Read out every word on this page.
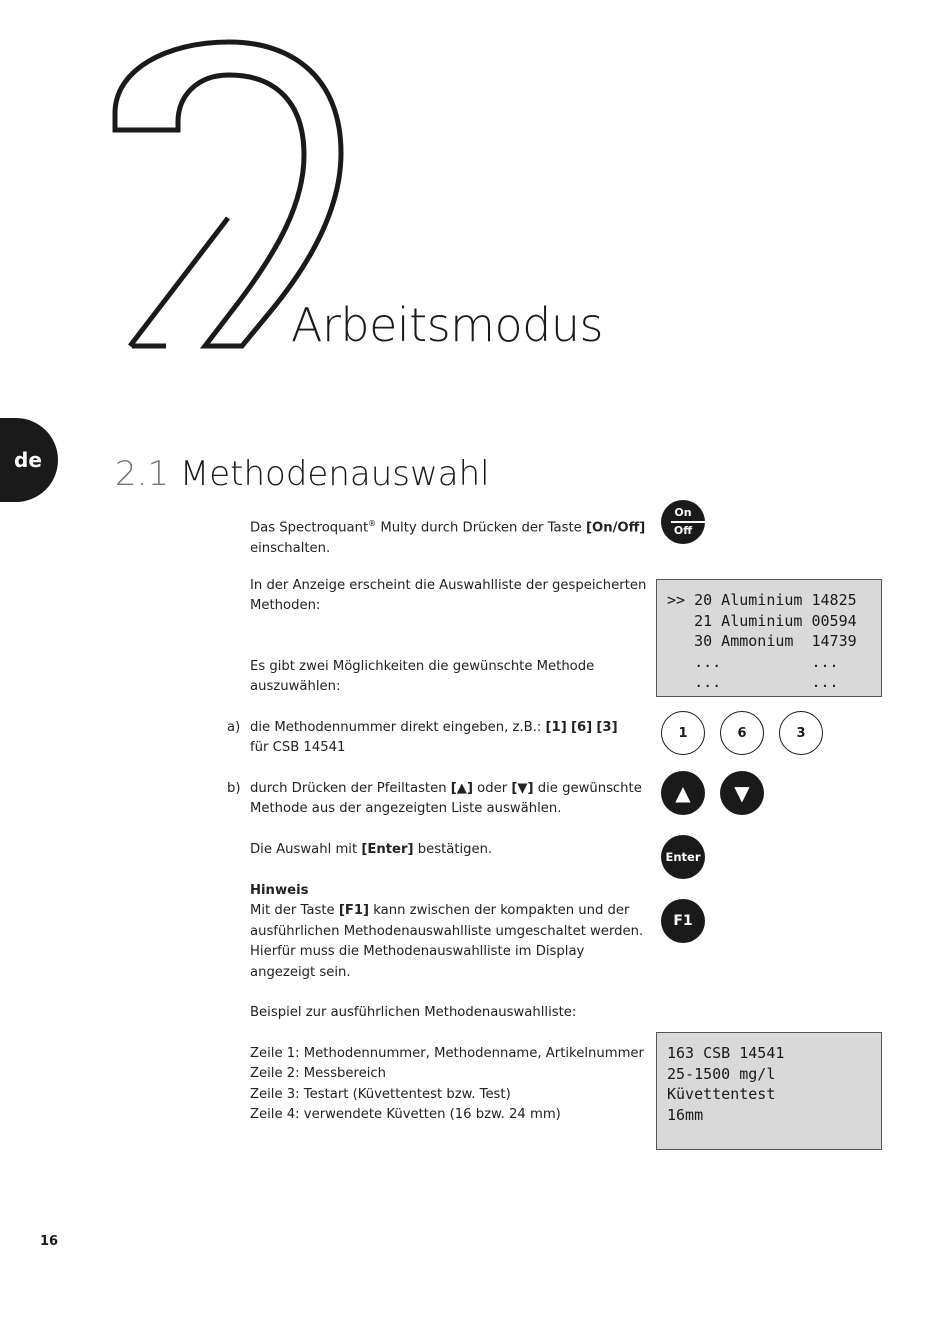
Arbeitsmodus
de	2.1 Methodenauswahl
Das Spectroquant® Multy durch Drücken der Taste [On/Off]
einschalten.
In der Anzeige erscheint die Auswahlliste der gespeicherten
Methoden:
Es gibt zwei Möglichkeiten die gewünschte Methode
auszuwählen:
a) die Methodennummer direkt eingeben, z.B.: [1] [6] [3]
für CSB 14541
b) durch Drücken der Pfeiltasten [▲] oder [▼] die gewünschte
Methode aus der angezeigten Liste auswählen.
Die Auswahl mit [Enter] bestätigen.
Hinweis
Mit der Taste [F1] kann zwischen der kompakten und der
ausführlichen Methodenauswahlliste umgeschaltet werden.
Hierfür muss die Methodenauswahlliste im Display
angezeigt sein.
Beispiel zur ausführlichen Methodenauswahlliste:
Zeile 1: Methodennummer, Methodenname, Artikelnummer
Zeile 2: Messbereich
Zeile 3: Testart (Küvettentest bzw. Test)
Zeile 4: verwendete Küvetten (16 bzw. 24 mm)
On
Off
>> 20 Aluminium 14825
21 Aluminium 00594
30 Ammonium  14739
...          ...
...          ...
1	6	3
▲	▼
Enter
F1
163 CSB 14541
25-1500 mg/l
Küvettentest
16mm
16
